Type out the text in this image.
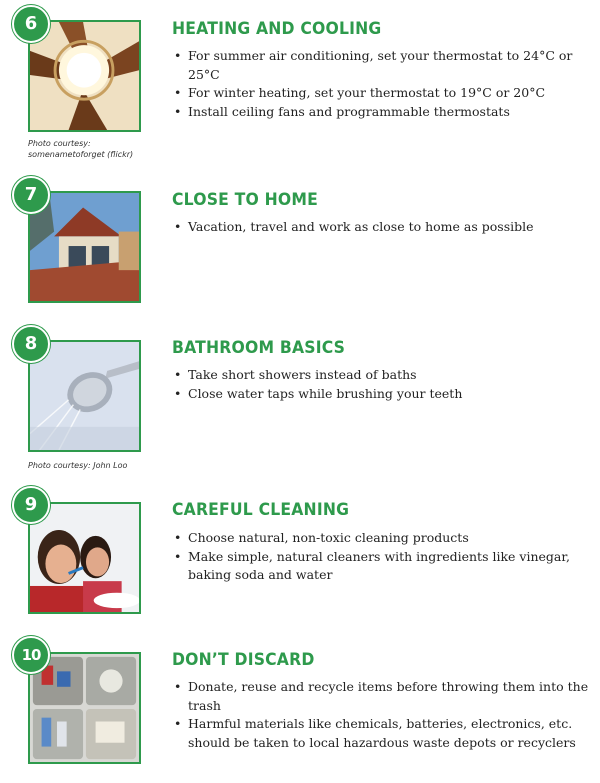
6
Photo courtesy:
somenametoforget (flickr)
HEATING AND COOLING
• For summer air conditioning, set your thermostat to 24°C or 25°C
• For winter heating, set your thermostat to 19°C or 20°C
• Install ceiling fans and programmable thermostats
7	CLOSE TO HOME
• Vacation, travel and work as close to home as possible
8
Photo courtesy: John Loo
BATHROOM BASICS
• Take short showers instead of baths
• Close water taps while brushing your teeth
9	CAREFUL CLEANING
• Choose natural, non-toxic cleaning products
• Make simple, natural cleaners with ingredients like vinegar, baking soda and water
10	DON’T DISCARD
• Donate, reuse and recycle items before throwing them into the trash
• Harmful materials like chemicals, batteries, electronics, etc. should be taken to local hazardous waste depots or recyclers
